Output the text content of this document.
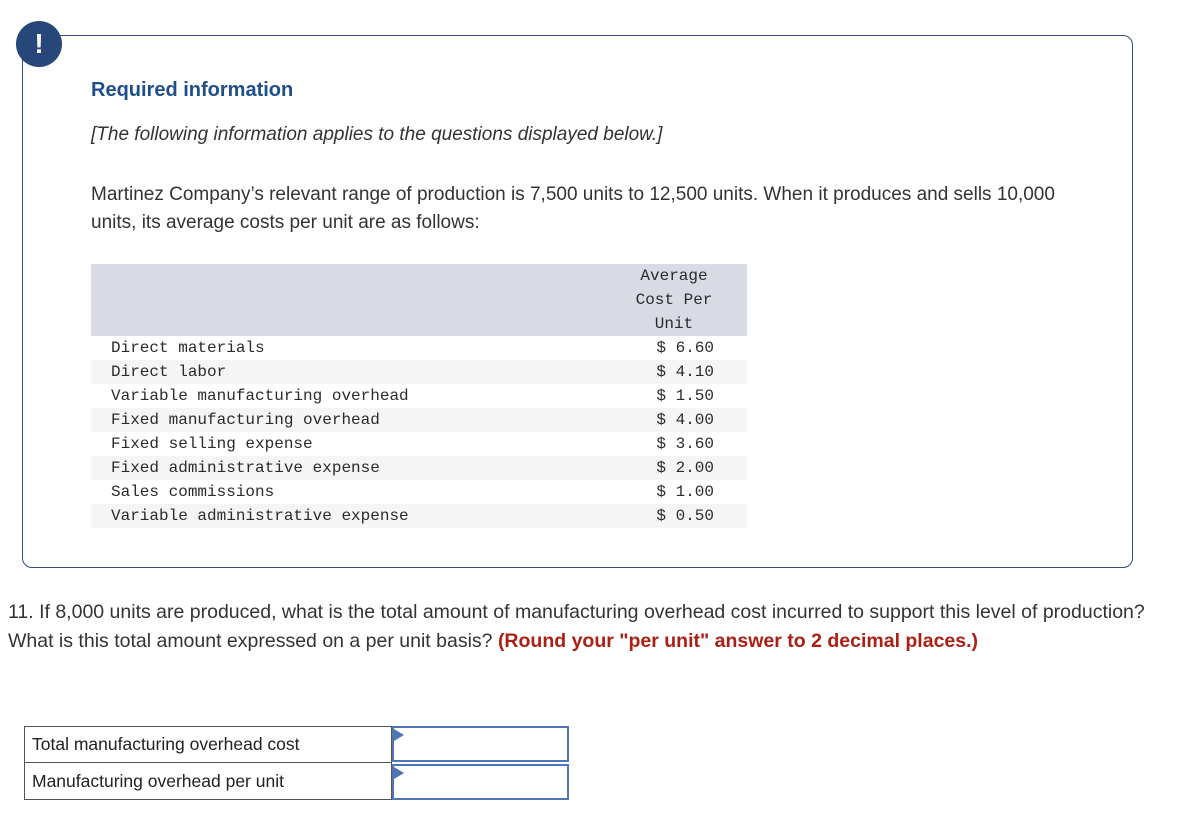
!
Required information
[The following information applies to the questions displayed below.]
Martinez Company’s relevant range of production is 7,500 units to 12,500 units. When it produces and sells 10,000 units, its average costs per unit are as follows:
Average
Cost Per
Unit
Direct materials	$ 6.60
Direct labor	$ 4.10
Variable manufacturing overhead	$ 1.50
Fixed manufacturing overhead	$ 4.00
Fixed selling expense	$ 3.60
Fixed administrative expense	$ 2.00
Sales commissions	$ 1.00
Variable administrative expense	$ 0.50
11. If 8,000 units are produced, what is the total amount of manufacturing overhead cost incurred to support this level of production? What is this total amount expressed on a per unit basis? (Round your "per unit" answer to 2 decimal places.)
Total manufacturing overhead cost
Manufacturing overhead per unit
